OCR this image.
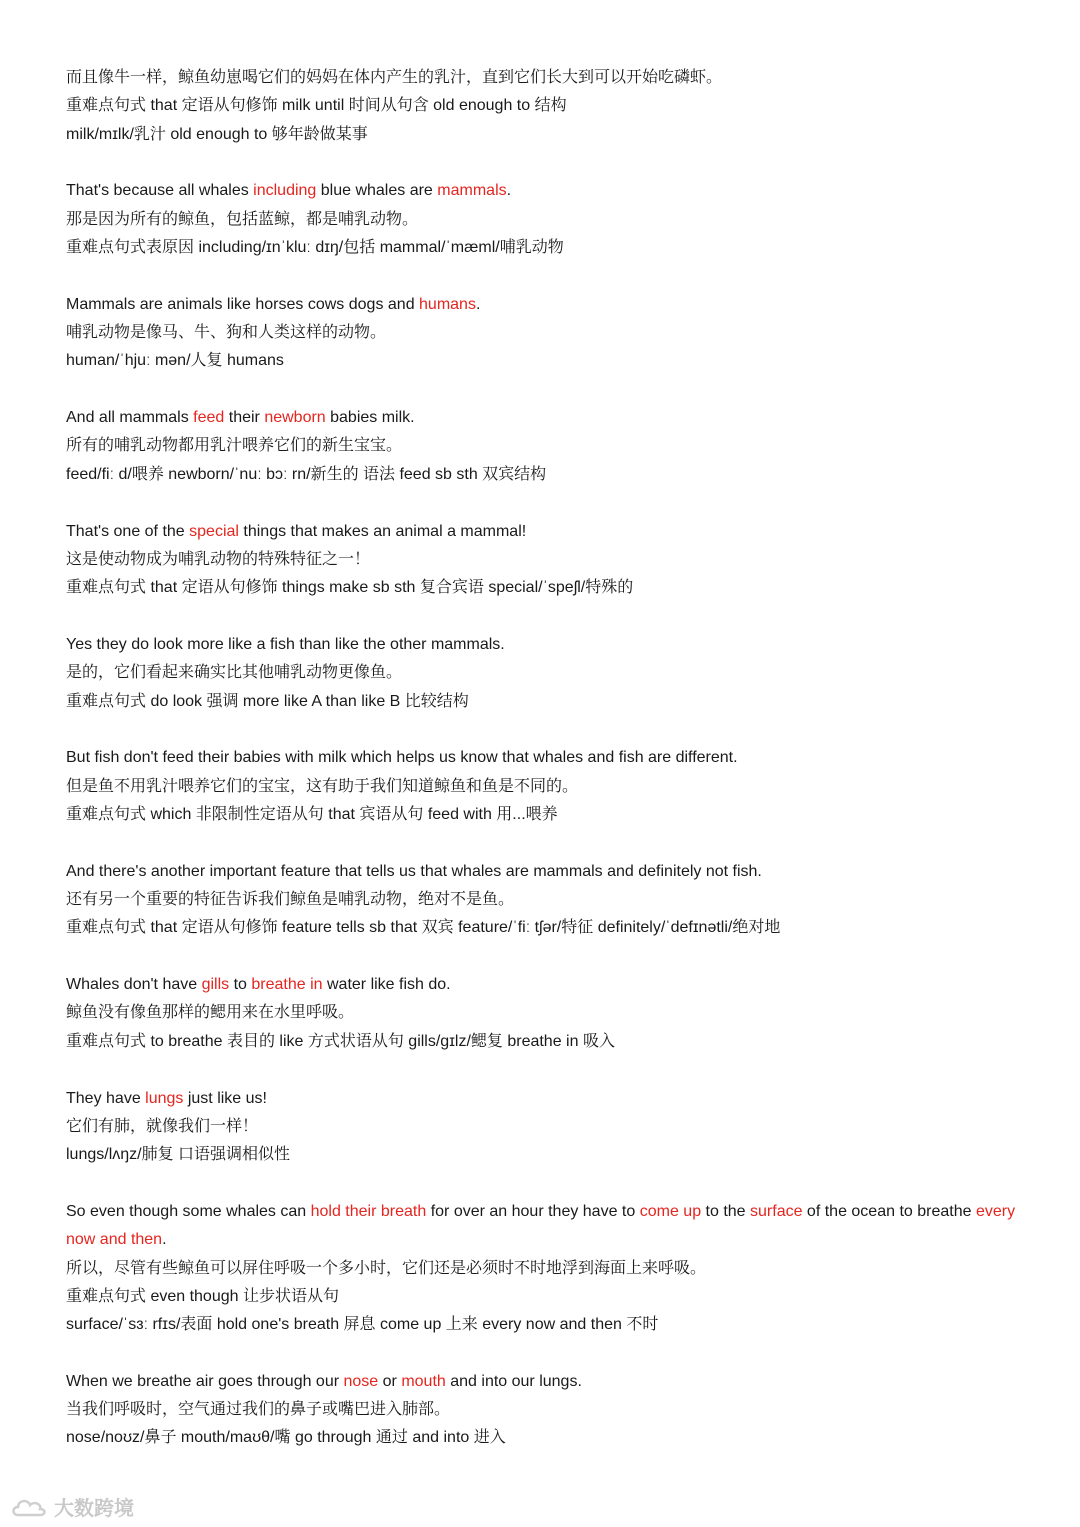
而且像牛一样，鲸鱼幼崽喝它们的妈妈在体内产生的乳汁，直到它们长大到可以开始吃磷虾。
重难点句式 that 定语从句修饰 milk until 时间从句含 old enough to 结构
milk/mɪlk/乳汁 old enough to 够年龄做某事
That's because all whales including blue whales are mammals.
那是因为所有的鲸鱼，包括蓝鲸，都是哺乳动物。
重难点句式表原因 including/ɪnˈkluː dɪŋ/包括 mammal/ˈmæml/哺乳动物
Mammals are animals like horses cows dogs and humans.
哺乳动物是像马、牛、狗和人类这样的动物。
human/ˈhjuː mən/人复 humans
And all mammals feed their newborn babies milk.
所有的哺乳动物都用乳汁喂养它们的新生宝宝。
feed/fiː d/喂养 newborn/ˈnuː bɔː rn/新生的 语法 feed sb sth 双宾结构
That's one of the special things that makes an animal a mammal!
这是使动物成为哺乳动物的特殊特征之一！
重难点句式 that 定语从句修饰 things make sb sth 复合宾语 special/ˈspeʃl/特殊的
Yes they do look more like a fish than like the other mammals.
是的，它们看起来确实比其他哺乳动物更像鱼。
重难点句式 do look 强调 more like A than like B 比较结构
But fish don't feed their babies with milk which helps us know that whales and fish are different.
但是鱼不用乳汁喂养它们的宝宝，这有助于我们知道鲸鱼和鱼是不同的。
重难点句式 which 非限制性定语从句 that 宾语从句 feed with 用...喂养
And there's another important feature that tells us that whales are mammals and definitely not fish.
还有另一个重要的特征告诉我们鲸鱼是哺乳动物，绝对不是鱼。
重难点句式 that 定语从句修饰 feature tells sb that 双宾 feature/ˈfiː tʃər/特征 definitely/ˈdefɪnətli/绝对地
Whales don't have gills to breathe in water like fish do.
鲸鱼没有像鱼那样的鳃用来在水里呼吸。
重难点句式 to breathe 表目的 like 方式状语从句 gills/ɡɪlz/鳃复 breathe in 吸入
They have lungs just like us!
它们有肺，就像我们一样！
lungs/lʌŋz/肺复 口语强调相似性
So even though some whales can hold their breath for over an hour they have to come up to the surface of the ocean to breathe every now and then.
所以，尽管有些鲸鱼可以屏住呼吸一个多小时，它们还是必须时不时地浮到海面上来呼吸。
重难点句式 even though 让步状语从句
surface/ˈsɜː rfɪs/表面 hold one's breath 屏息 come up 上来 every now and then 不时
When we breathe air goes through our nose or mouth and into our lungs.
当我们呼吸时，空气通过我们的鼻子或嘴巴进入肺部。
nose/noʊz/鼻子 mouth/maʊθ/嘴 go through 通过 and into 进入
大数跨境
